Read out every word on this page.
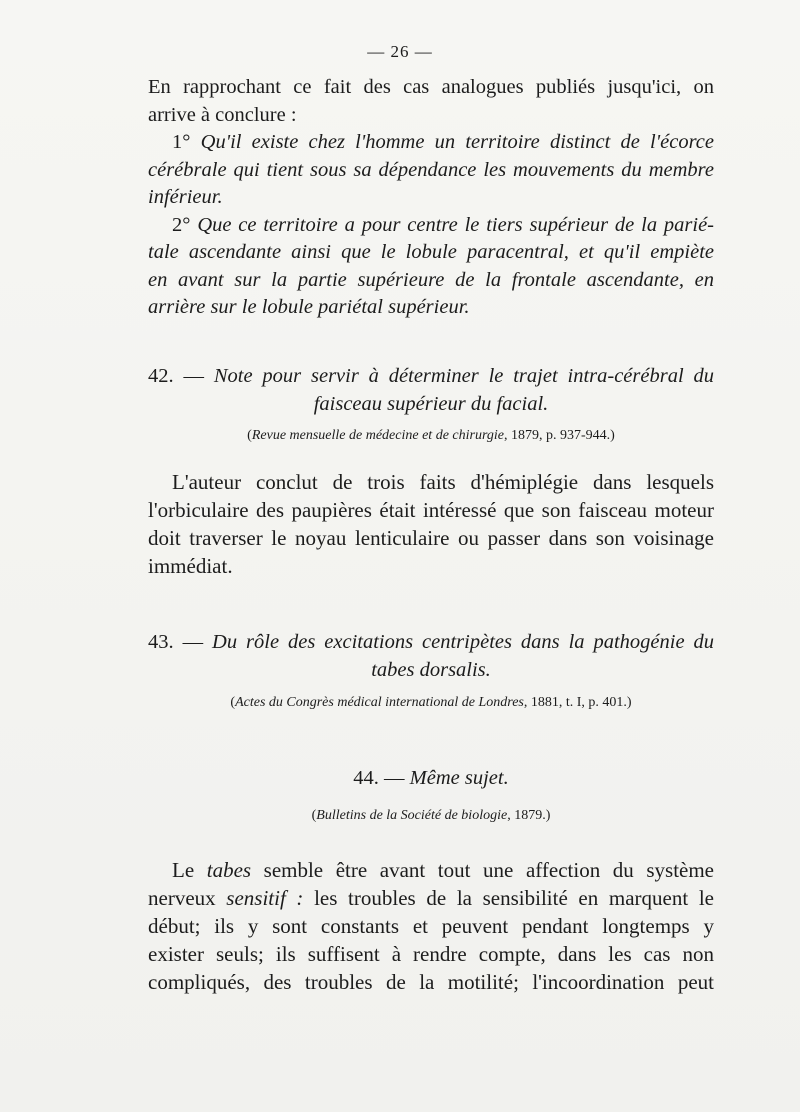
— 26 —
En rapprochant ce fait des cas analogues publiés jusqu'ici, on
arrive à conclure :
1° Qu'il existe chez l'homme un territoire distinct de l'écorce
cérébrale qui tient sous sa dépendance les mouvements du membre
inférieur.
2° Que ce territoire a pour centre le tiers supérieur de la parié-
tale ascendante ainsi que le lobule paracentral, et qu'il empiète
en avant sur la partie supérieure de la frontale ascendante, en
arrière sur le lobule pariétal supérieur.
42. — Note pour servir à déterminer le trajet intra-cérébral du
faisceau supérieur du facial.
(Revue mensuelle de médecine et de chirurgie, 1879, p. 937-944.)
L'auteur conclut de trois faits d'hémiplégie dans lesquels
l'orbiculaire des paupières était intéressé que son faisceau moteur
doit traverser le noyau lenticulaire ou passer dans son voisinage
immédiat.
43. — Du rôle des excitations centripètes dans la pathogénie du
tabes dorsalis.
(Actes du Congrès médical international de Londres, 1881, t. I, p. 401.)
44. — Même sujet.
(Bulletins de la Société de biologie, 1879.)
Le tabes semble être avant tout une affection du système
nerveux sensitif : les troubles de la sensibilité en marquent le
début; ils y sont constants et peuvent pendant longtemps y
exister seuls; ils suffisent à rendre compte, dans les cas non
compliqués, des troubles de la motilité; l'incoordination peut
